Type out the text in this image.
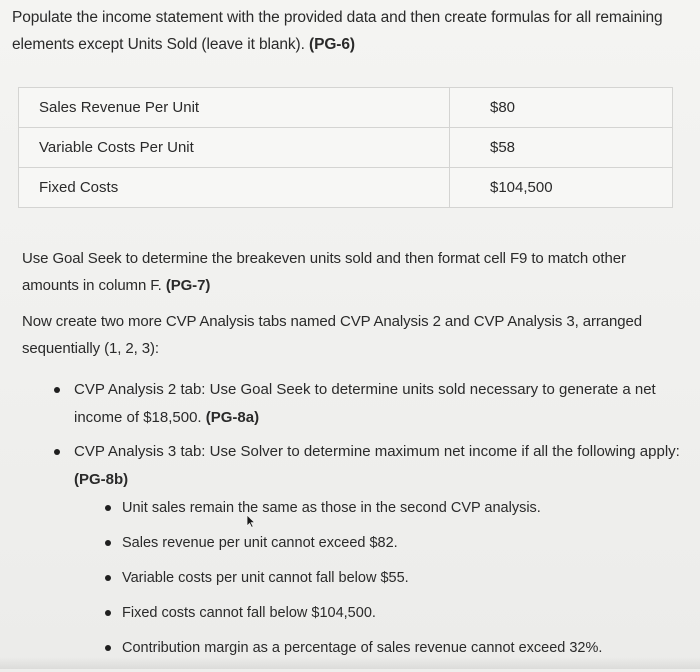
Populate the income statement with the provided data and then create formulas for all remaining elements except Units Sold (leave it blank). (PG-6)
Sales Revenue Per Unit	$80
Variable Costs Per Unit	$58
Fixed Costs	$104,500
Use Goal Seek to determine the breakeven units sold and then format cell F9 to match other amounts in column F. (PG-7)
Now create two more CVP Analysis tabs named CVP Analysis 2 and CVP Analysis 3, arranged sequentially (1, 2, 3):
CVP Analysis 2 tab: Use Goal Seek to determine units sold necessary to generate a net income of $18,500. (PG-8a)
CVP Analysis 3 tab: Use Solver to determine maximum net income if all the following apply: (PG-8b)
Unit sales remain the
same as those in the second CVP analysis.
Sales revenue per unit cannot exceed $82.
Variable costs per unit cannot fall below $55.
Fixed costs cannot fall below $104,500.
Contribution margin as a percentage of sales revenue cannot exceed 32%.
